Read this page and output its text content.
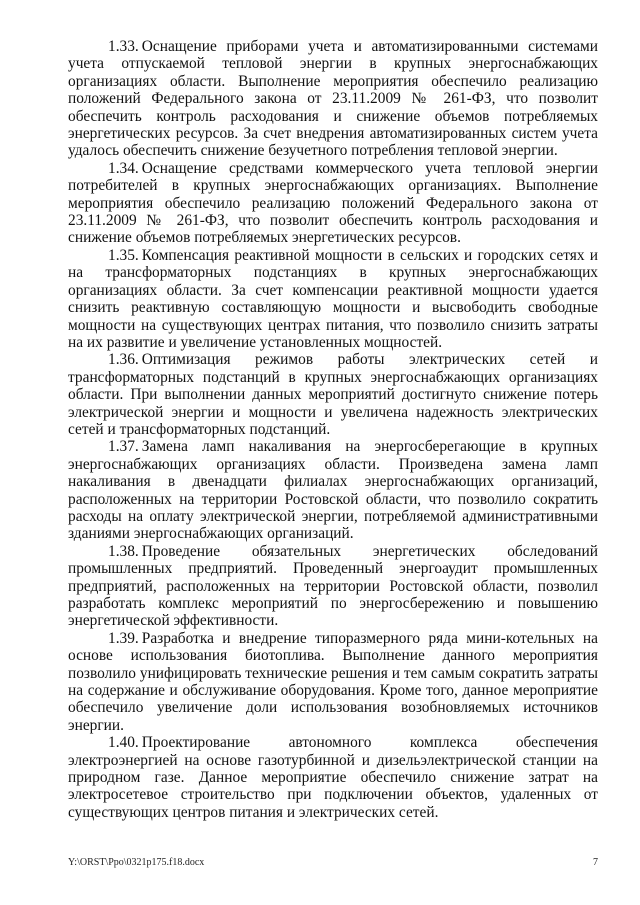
1.33. Оснащение приборами учета и автоматизированными системами учета отпускаемой тепловой энергии в крупных энергоснабжающих организациях области. Выполнение мероприятия обеспечило реализацию положений Федерального закона от 23.11.2009 № 261-ФЗ, что позволит обеспечить контроль расходования и снижение объемов потребляемых энергетических ресурсов. За счет внедрения автоматизированных систем учета удалось обеспечить снижение безучетного потребления тепловой энергии.

1.34. Оснащение средствами коммерческого учета тепловой энергии потребителей в крупных энергоснабжающих организациях. Выполнение мероприятия обеспечило реализацию положений Федерального закона от 23.11.2009 № 261-ФЗ, что позволит обеспечить контроль расходования и снижение объемов потребляемых энергетических ресурсов.

1.35. Компенсация реактивной мощности в сельских и городских сетях и на трансформаторных подстанциях в крупных энергоснабжающих организациях области. За счет компенсации реактивной мощности удается снизить реактивную составляющую мощности и высвободить свободные мощности на существующих центрах питания, что позволило снизить затраты на их развитие и увеличение установленных мощностей.

1.36. Оптимизация режимов работы электрических сетей и трансформаторных подстанций в крупных энергоснабжающих организациях области. При выполнении данных мероприятий достигнуто снижение потерь электрической энергии и мощности и увеличена надежность электрических сетей и трансформаторных подстанций.

1.37. Замена ламп накаливания на энергосберегающие в крупных энергоснабжающих организациях области. Произведена замена ламп накаливания в двенадцати филиалах энергоснабжающих организаций, расположенных на территории Ростовской области, что позволило сократить расходы на оплату электрической энергии, потребляемой административными зданиями энергоснабжающих организаций.

1.38. Проведение обязательных энергетических обследований промышленных предприятий. Проведенный энергоаудит промышленных предприятий, расположенных на территории Ростовской области, позволил разработать комплекс мероприятий по энергосбережению и повышению энергетической эффективности.

1.39. Разработка и внедрение типоразмерного ряда мини-котельных на основе использования биотоплива. Выполнение данного мероприятия позволило унифицировать технические решения и тем самым сократить затраты на содержание и обслуживание оборудования. Кроме того, данное мероприятие обеспечило увеличение доли использования возобновляемых источников энергии.

1.40. Проектирование автономного комплекса обеспечения электроэнергией на основе газотурбинной и дизельэлектрической станции на природном газе. Данное мероприятие обеспечило снижение затрат на электросетевое строительство при подключении объектов, удаленных от существующих центров питания и электрических сетей.

Y:\ORST\Ppo\0321p175.f18.docx	7
